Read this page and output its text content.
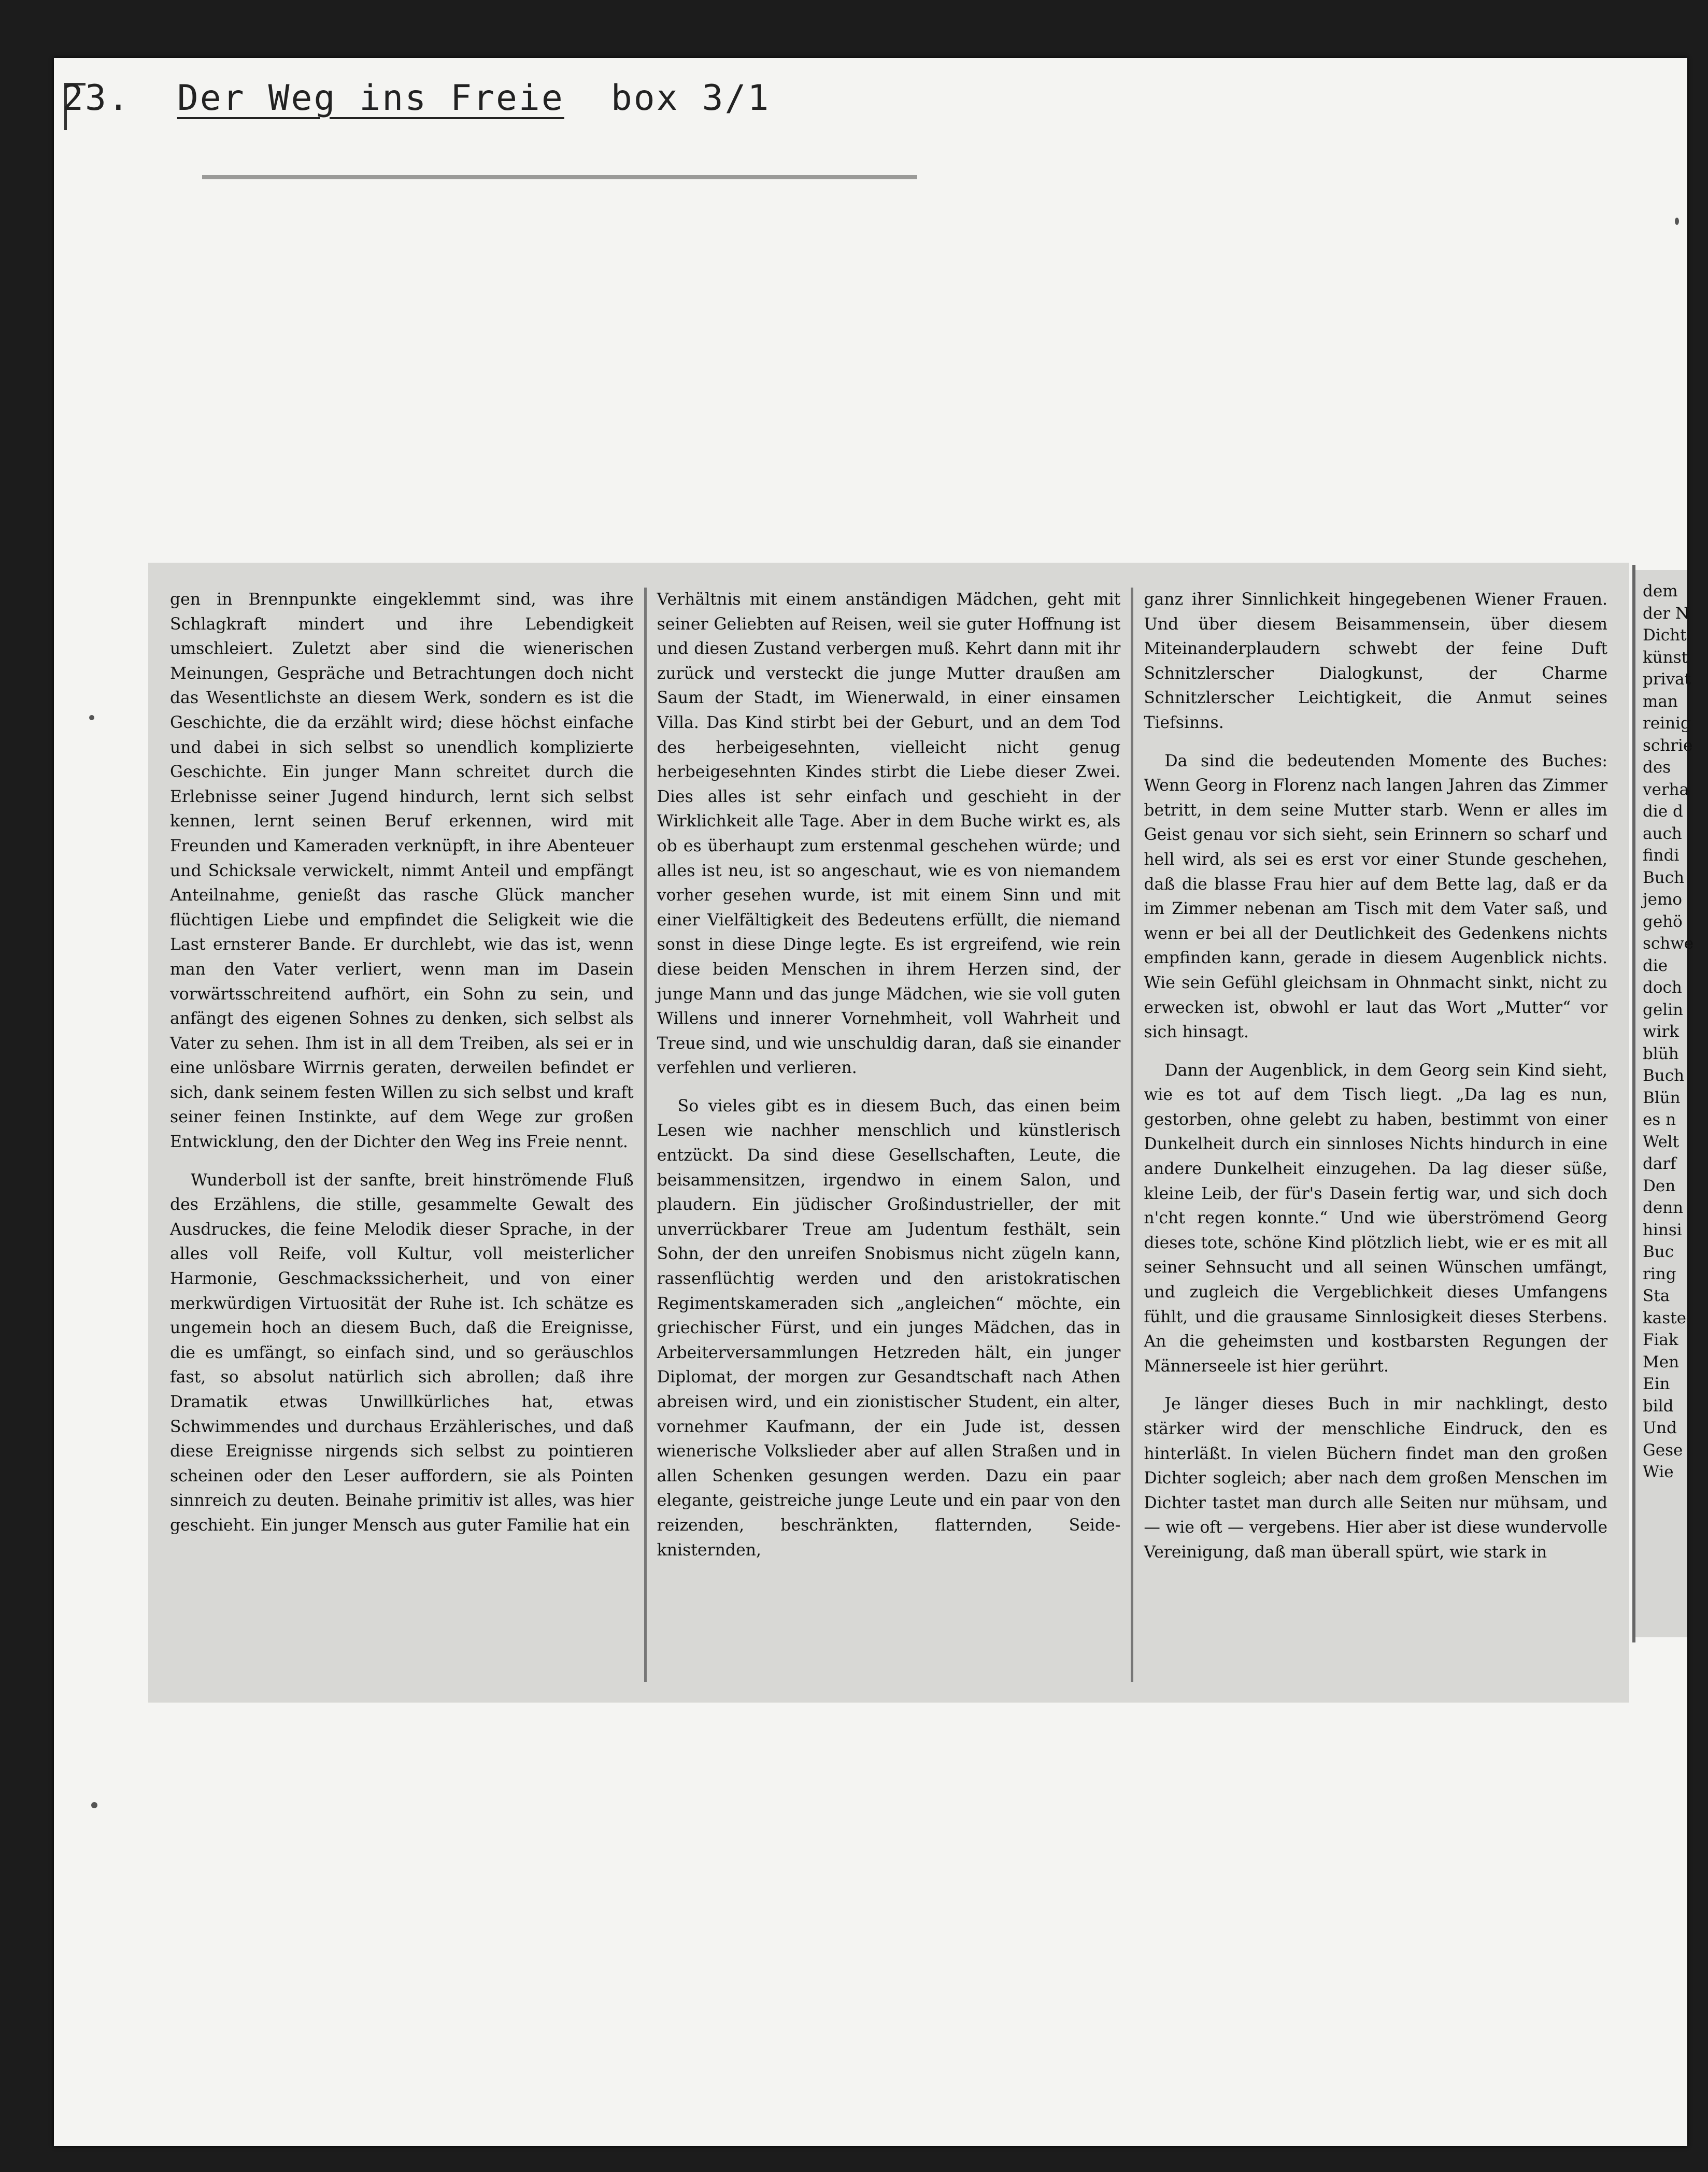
23. Der Weg ins Freie box 3/1

gen in Brennpunkte eingeklemmt sind, was ihre Schlagkraft mindert und ihre Lebendigkeit umschleiert. Zuletzt aber sind die wienerischen Meinungen, Gespräche und Betrachtungen doch nicht das Wesentlichste an diesem Werk, sondern es ist die Geschichte, die da erzählt wird; diese höchst einfache und dabei in sich selbst so unendlich komplizierte Geschichte. Ein junger Mann schreitet durch die Erlebnisse seiner Jugend hindurch, lernt sich selbst kennen, lernt seinen Beruf erkennen, wird mit Freunden und Kameraden verknüpft, in ihre Abenteuer und Schicksale verwickelt, nimmt Anteil und empfängt Anteilnahme, genießt das rasche Glück mancher flüchtigen Liebe und empfindet die Seligkeit wie die Last ernsterer Bande. Er durchlebt, wie das ist, wenn man den Vater verliert, wenn man im Dasein vorwärtsschreitend aufhört, ein Sohn zu sein, und anfängt des eigenen Sohnes zu denken, sich selbst als Vater zu sehen. Ihm ist in all dem Treiben, als sei er in eine unlösbare Wirrnis geraten, derweilen befindet er sich, dank seinem festen Willen zu sich selbst und kraft seiner feinen Instinkte, auf dem Wege zur großen Entwicklung, den der Dichter den Weg ins Freie nennt.

Wunderboll ist der sanfte, breit hinströmende Fluß des Erzählens, die stille, gesammelte Gewalt des Ausdruckes, die feine Melodik dieser Sprache, in der alles voll Reife, voll Kultur, voll meisterlicher Harmonie, Geschmackssicherheit, und von einer merkwürdigen Virtuosität der Ruhe ist. Ich schätze es ungemein hoch an diesem Buch, daß die Ereignisse, die es umfängt, so einfach sind, und so geräuschlos fast, so absolut natürlich sich abrollen; daß ihre Dramatik etwas Unwillkürliches hat, etwas Schwimmendes und durchaus Erzählerisches, und daß diese Ereignisse nirgends sich selbst zu pointieren scheinen oder den Leser auffordern, sie als Pointen sinnreich zu deuten. Beinahe primitiv ist alles, was hier geschieht. Ein junger Mensch aus guter Familie hat ein

Verhältnis mit einem anständigen Mädchen, geht mit seiner Geliebten auf Reisen, weil sie guter Hoffnung ist und diesen Zustand verbergen muß. Kehrt dann mit ihr zurück und versteckt die junge Mutter draußen am Saum der Stadt, im Wienerwald, in einer einsamen Villa. Das Kind stirbt bei der Geburt, und an dem Tod des herbeigesehnten, vielleicht nicht genug herbeigesehnten Kindes stirbt die Liebe dieser Zwei. Dies alles ist sehr einfach und geschieht in der Wirklichkeit alle Tage. Aber in dem Buche wirkt es, als ob es überhaupt zum erstenmal geschehen würde; und alles ist neu, ist so angeschaut, wie es von niemandem vorher gesehen wurde, ist mit einem Sinn und mit einer Vielfältigkeit des Bedeutens erfüllt, die niemand sonst in diese Dinge legte. Es ist ergreifend, wie rein diese beiden Menschen in ihrem Herzen sind, der junge Mann und das junge Mädchen, wie sie voll guten Willens und innerer Vornehmheit, voll Wahrheit und Treue sind, und wie unschuldig daran, daß sie einander verfehlen und verlieren.

So vieles gibt es in diesem Buch, das einen beim Lesen wie nachher menschlich und künstlerisch entzückt. Da sind diese Gesellschaften, Leute, die beisammensitzen, irgendwo in einem Salon, und plaudern. Ein jüdischer Großindustrieller, der mit unverrückbarer Treue am Judentum festhält, sein Sohn, der den unreifen Snobismus nicht zügeln kann, rassenflüchtig werden und den aristokratischen Regimentskameraden sich „angleichen“ möchte, ein griechischer Fürst, und ein junges Mädchen, das in Arbeiterversammlungen Hetzreden hält, ein junger Diplomat, der morgen zur Gesandtschaft nach Athen abreisen wird, und ein zionistischer Student, ein alter, vornehmer Kaufmann, der ein Jude ist, dessen wienerische Volkslieder aber auf allen Straßen und in allen Schenken gesungen werden. Dazu ein paar elegante, geistreiche junge Leute und ein paar von den reizenden, beschränkten, flatternden, Seide-knisternden,

ganz ihrer Sinnlichkeit hingegebenen Wiener Frauen. Und über diesem Beisammensein, über diesem Miteinanderplaudern schwebt der feine Duft Schnitzlerscher Dialogkunst, der Charme Schnitzlerscher Leichtigkeit, die Anmut seines Tiefsinns.

Da sind die bedeutenden Momente des Buches: Wenn Georg in Florenz nach langen Jahren das Zimmer betritt, in dem seine Mutter starb. Wenn er alles im Geist genau vor sich sieht, sein Erinnern so scharf und hell wird, als sei es erst vor einer Stunde geschehen, daß die blasse Frau hier auf dem Bette lag, daß er da im Zimmer nebenan am Tisch mit dem Vater saß, und wenn er bei all der Deutlichkeit des Gedenkens nichts empfinden kann, gerade in diesem Augenblick nichts. Wie sein Gefühl gleichsam in Ohnmacht sinkt, nicht zu erwecken ist, obwohl er laut das Wort „Mutter“ vor sich hinsagt.

Dann der Augenblick, in dem Georg sein Kind sieht, wie es tot auf dem Tisch liegt. „Da lag es nun, gestorben, ohne gelebt zu haben, bestimmt von einer Dunkelheit durch ein sinnloses Nichts hindurch in eine andere Dunkelheit einzugehen. Da lag dieser süße, kleine Leib, der für's Dasein fertig war, und sich doch n'cht regen konnte.“ Und wie überströmend Georg dieses tote, schöne Kind plötzlich liebt, wie er es mit all seiner Sehnsucht und all seinen Wünschen umfängt, und zugleich die Vergeblichkeit dieses Umfangens fühlt, und die grausame Sinnlosigkeit dieses Sterbens. An die geheimsten und kostbarsten Regungen der Männerseele ist hier gerührt.

Je länger dieses Buch in mir nachklingt, desto stärker wird der menschliche Eindruck, den es hinterläßt. In vielen Büchern findet man den großen Dichter sogleich; aber nach dem großen Menschen im Dichter tastet man durch alle Seiten nur mühsam, und — wie oft — vergebens. Hier aber ist diese wundervolle Vereinigung, daß man überall spürt, wie stark in

dem
der N
Dicht
künst
privat
man
reinig
schrie
des
verha
die d
auch
findi
Buch
jemo
gehö
schwe
die
doch
gelin
wirk
blüh
Buch
Blün
es n
Welt
darf
Den
denn
hinsi
Buc
ring
Sta
kaste
Fiak
Men
Ein
bild
Und
Gese
Wie
